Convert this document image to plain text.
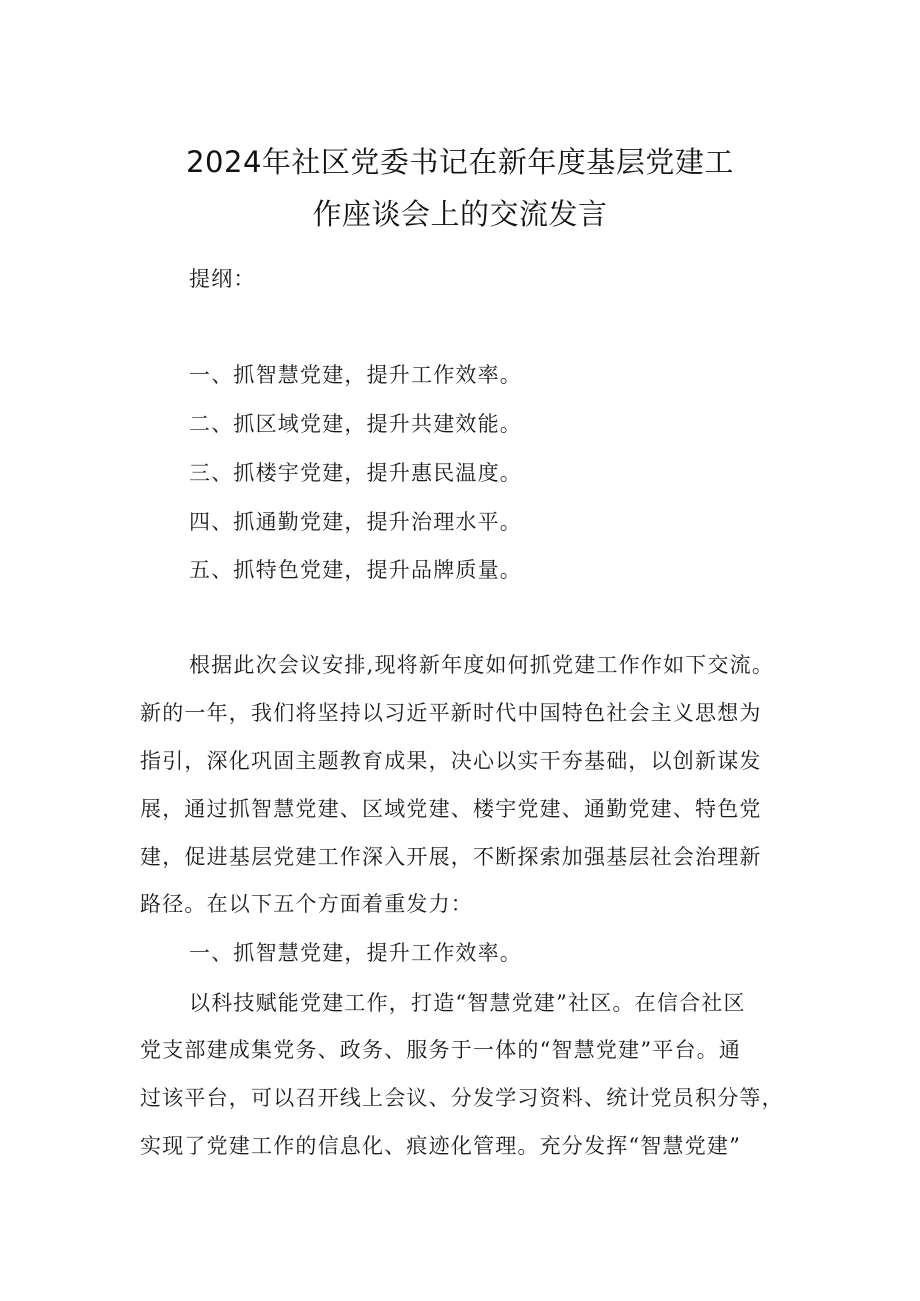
2024年社区党委书记在新年度基层党建工
作座谈会上的交流发言
提纲：
一、抓智慧党建，提升工作效率。
二、抓区域党建，提升共建效能。
三、抓楼宇党建，提升惠民温度。
四、抓通勤党建，提升治理水平。
五、抓特色党建，提升品牌质量。
根据此次会议安排,现将新年度如何抓党建工作作如下交流。
新的一年，我们将坚持以习近平新时代中国特色社会主义思想为
指引，深化巩固主题教育成果，决心以实干夯基础，以创新谋发
展，通过抓智慧党建、区域党建、楼宇党建、通勤党建、特色党
建，促进基层党建工作深入开展，不断探索加强基层社会治理新
路径。在以下五个方面着重发力：
一、抓智慧党建，提升工作效率。
以科技赋能党建工作，打造“智慧党建”社区。在信合社区
党支部建成集党务、政务、服务于一体的“智慧党建”平台。通
过该平台，可以召开线上会议、分发学习资料、统计党员积分等，
实现了党建工作的信息化、痕迹化管理。充分发挥“智慧党建”
